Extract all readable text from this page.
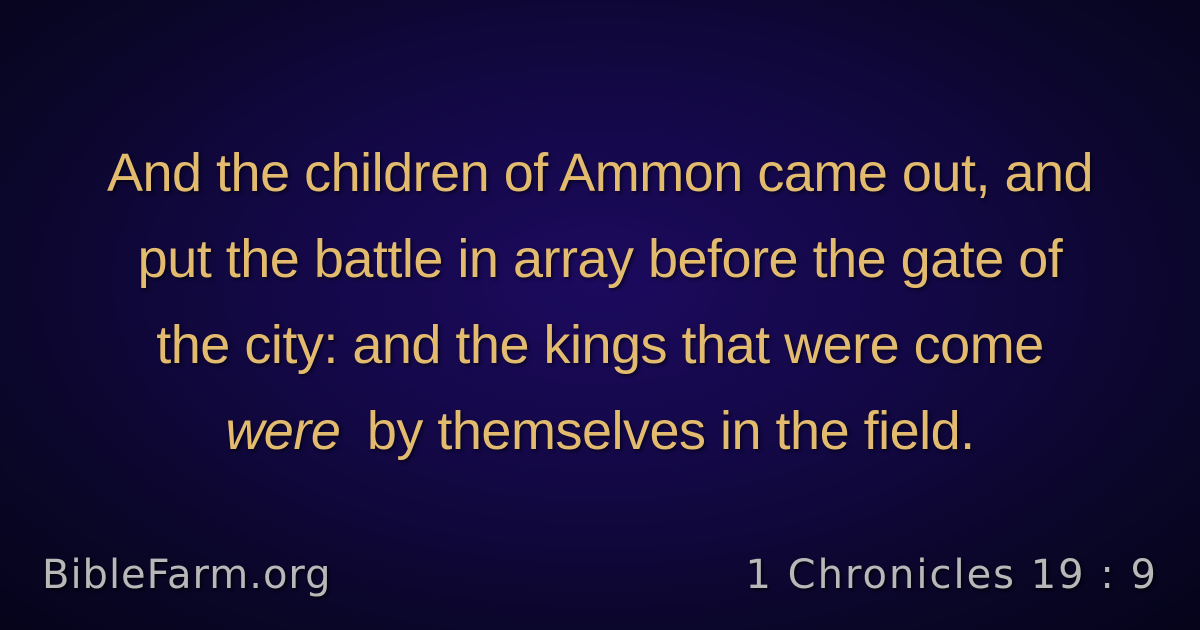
And the children of Ammon came out, and
put the battle in array before the gate of
the city: and the kings that were come
were by themselves in the field.
BibleFarm.org	1 Chronicles 19 : 9
